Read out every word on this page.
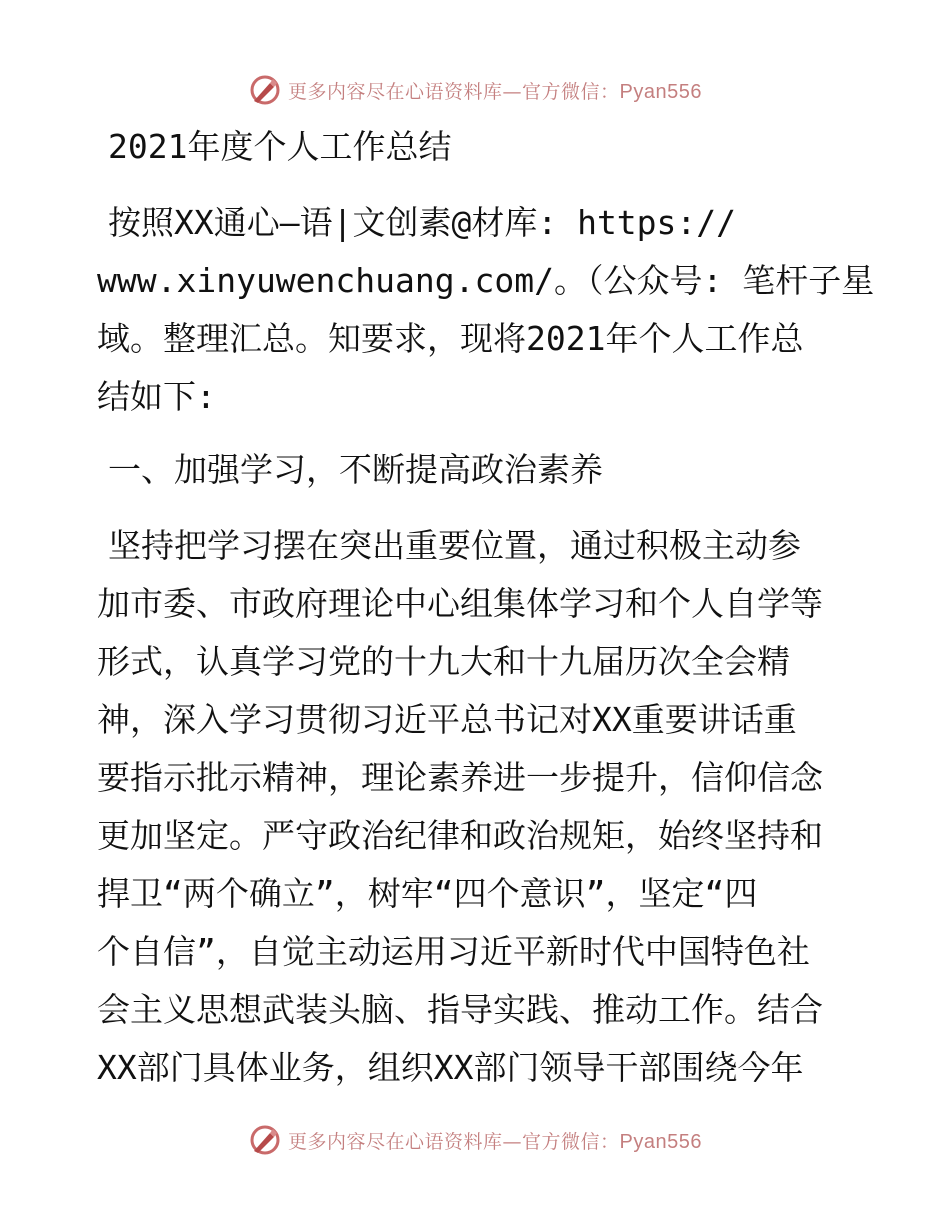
更多内容尽在心语资料库—官方微信：Pyan556
2021年度个人工作总结
按照XX通心—语|文创素@材库: https://
www.xinyuwenchuang.com/。（公众号: 笔杆子星
域。整理汇总。知要求，现将2021年个人工作总
结如下:
一、加强学习，不断提高政治素养
坚持把学习摆在突出重要位置，通过积极主动参
加市委、市政府理论中心组集体学习和个人自学等
形式，认真学习党的十九大和十九届历次全会精
神，深入学习贯彻习近平总书记对XX重要讲话重
要指示批示精神，理论素养进一步提升，信仰信念
更加坚定。严守政治纪律和政治规矩，始终坚持和
捍卫“两个确立”，树牢“四个意识”，坚定“四
个自信”，自觉主动运用习近平新时代中国特色社
会主义思想武装头脑、指导实践、推动工作。结合
XX部门具体业务，组织XX部门领导干部围绕今年
更多内容尽在心语资料库—官方微信：Pyan556
